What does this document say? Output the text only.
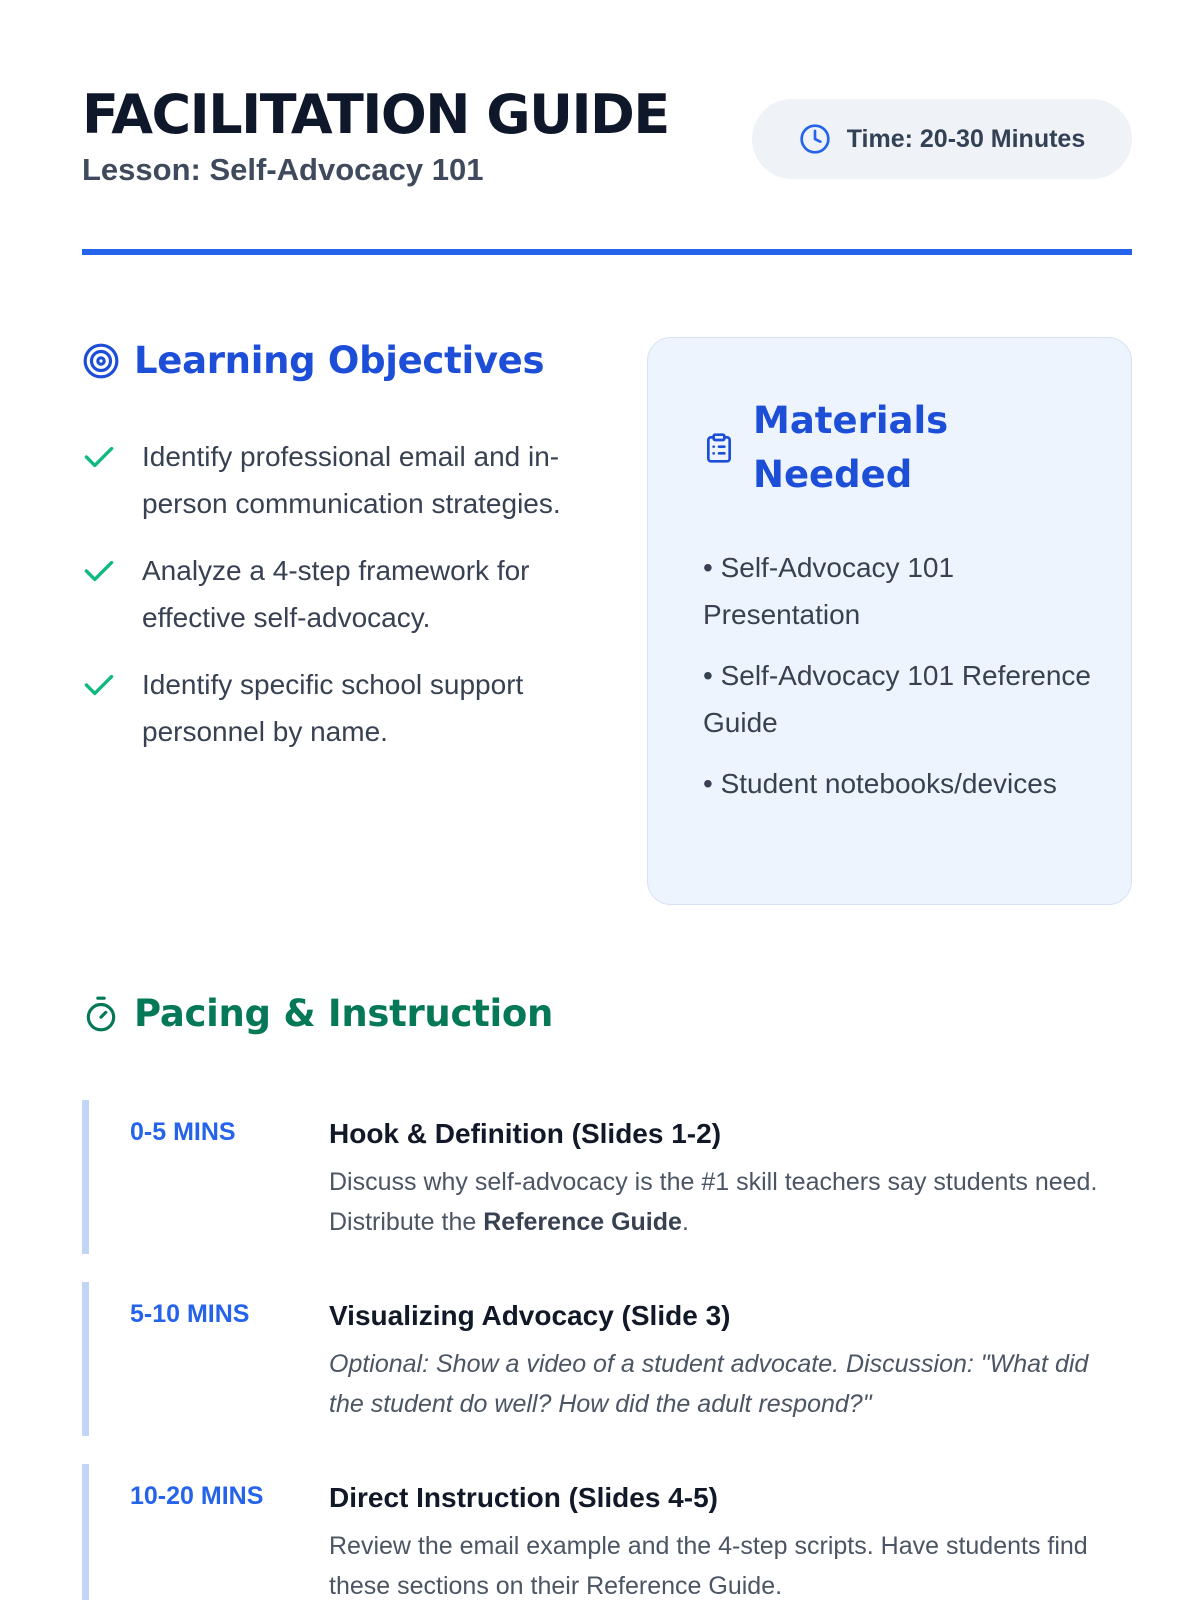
FACILITATION GUIDE
Lesson: Self-Advocacy 101
Time: 20-30 Minutes
Learning Objectives
Identify professional email and in-person communication strategies.
Analyze a 4-step framework for effective self-advocacy.
Identify specific school support personnel by name.
Materials Needed
• Self-Advocacy 101 Presentation
• Self-Advocacy 101 Reference Guide
• Student notebooks/devices
Pacing & Instruction
0-5 MINS	Hook & Definition (Slides 1-2)

Discuss why self-advocacy is the #1 skill teachers say students need. Distribute the Reference Guide.

5-10 MINS	Visualizing Advocacy (Slide 3)

Optional: Show a video of a student advocate. Discussion: "What did the student do well? How did the adult respond?"

10-20 MINS Direct Instruction (Slides 4-5)

Review the email example and the 4-step scripts. Have students find these sections on their Reference Guide.
